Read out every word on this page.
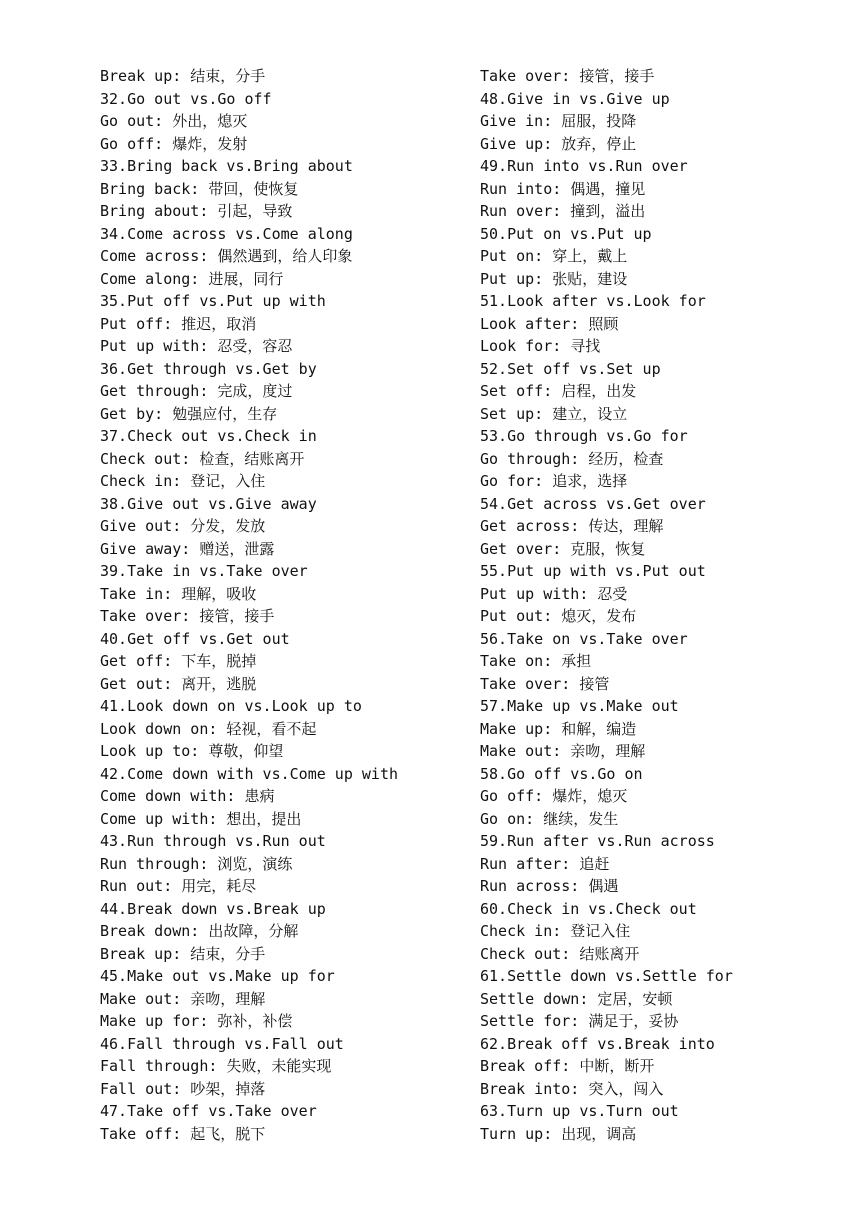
Break up: 结束，分手
32.Go out vs.Go off
Go out: 外出，熄灭
Go off: 爆炸，发射
33.Bring back vs.Bring about
Bring back: 带回，使恢复
Bring about: 引起，导致
34.Come across vs.Come along
Come across: 偶然遇到，给人印象
Come along: 进展，同行
35.Put off vs.Put up with
Put off: 推迟，取消
Put up with: 忍受，容忍
36.Get through vs.Get by
Get through: 完成，度过
Get by: 勉强应付，生存
37.Check out vs.Check in
Check out: 检查，结账离开
Check in: 登记，入住
38.Give out vs.Give away
Give out: 分发，发放
Give away: 赠送，泄露
39.Take in vs.Take over
Take in: 理解，吸收
Take over: 接管，接手
40.Get off vs.Get out
Get off: 下车，脱掉
Get out: 离开，逃脱
41.Look down on vs.Look up to
Look down on: 轻视，看不起
Look up to: 尊敬，仰望
42.Come down with vs.Come up with
Come down with: 患病
Come up with: 想出，提出
43.Run through vs.Run out
Run through: 浏览，演练
Run out: 用完，耗尽
44.Break down vs.Break up
Break down: 出故障，分解
Break up: 结束，分手
45.Make out vs.Make up for
Make out: 亲吻，理解
Make up for: 弥补，补偿
46.Fall through vs.Fall out
Fall through: 失败，未能实现
Fall out: 吵架，掉落
47.Take off vs.Take over
Take off: 起飞，脱下
Take over: 接管，接手
48.Give in vs.Give up
Give in: 屈服，投降
Give up: 放弃，停止
49.Run into vs.Run over
Run into: 偶遇，撞见
Run over: 撞到，溢出
50.Put on vs.Put up
Put on: 穿上，戴上
Put up: 张贴，建设
51.Look after vs.Look for
Look after: 照顾
Look for: 寻找
52.Set off vs.Set up
Set off: 启程，出发
Set up: 建立，设立
53.Go through vs.Go for
Go through: 经历，检查
Go for: 追求，选择
54.Get across vs.Get over
Get across: 传达，理解
Get over: 克服，恢复
55.Put up with vs.Put out
Put up with: 忍受
Put out: 熄灭，发布
56.Take on vs.Take over
Take on: 承担
Take over: 接管
57.Make up vs.Make out
Make up: 和解，编造
Make out: 亲吻，理解
58.Go off vs.Go on
Go off: 爆炸，熄灭
Go on: 继续，发生
59.Run after vs.Run across
Run after: 追赶
Run across: 偶遇
60.Check in vs.Check out
Check in: 登记入住
Check out: 结账离开
61.Settle down vs.Settle for
Settle down: 定居，安顿
Settle for: 满足于，妥协
62.Break off vs.Break into
Break off: 中断，断开
Break into: 突入，闯入
63.Turn up vs.Turn out
Turn up: 出现，调高
